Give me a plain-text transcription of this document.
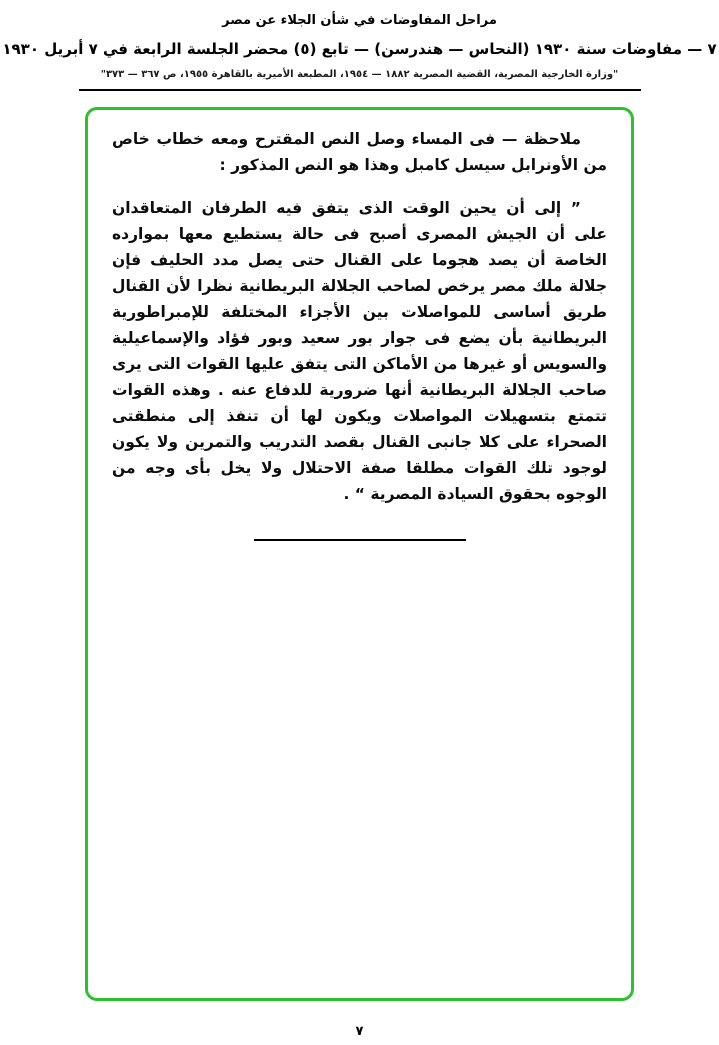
مراحل المفاوضات في شأن الجلاء عن مصر
٧ — مفاوضات سنة ١٩٣٠ (النحاس — هندرسن) — تابع (٥) محضر الجلسة الرابعة في ٧ أبريل ١٩٣٠
"وزارة الخارجية المصرية، القضية المصرية ١٨٨٢ — ١٩٥٤، المطبعة الأميرية بالقاهرة ١٩٥٥، ص ٣٦٧ — ٣٧٣"

ملاحظة — فى المساء وصل النص المقترح ومعه خطاب خاص من الأونرابل سيسل كامبل وهذا هو النص المذكور :

” إلى أن يحين الوقت الذى يتفق فيه الطرفان المتعاقدان على أن الجيش المصرى أصبح فى حالة يستطيع معها بموارده الخاصة أن يصد هجوما على القنال حتى يصل مدد الحليف فإن جلالة ملك مصر يرخص لصاحب الجلالة البريطانية نظرا لأن القنال طريق أساسى للمواصلات بين الأجزاء المختلفة للإمبراطورية البريطانية بأن يضع فى جوار بور سعيد وبور فؤاد والإسماعيلية والسويس أو غيرها من الأماكن التى يتفق عليها القوات التى يرى صاحب الجلالة البريطانية أنها ضرورية للدفاع عنه . وهذه القوات تتمتع بتسهيلات المواصلات ويكون لها أن تنفذ إلى منطقتى الصحراء على كلا جانبى القنال بقصد التدريب والتمرين ولا يكون لوجود تلك القوات مطلقا صفة الاحتلال ولا يخل بأى وجه من الوجوه بحقوق السيادة المصرية “ .

٧
